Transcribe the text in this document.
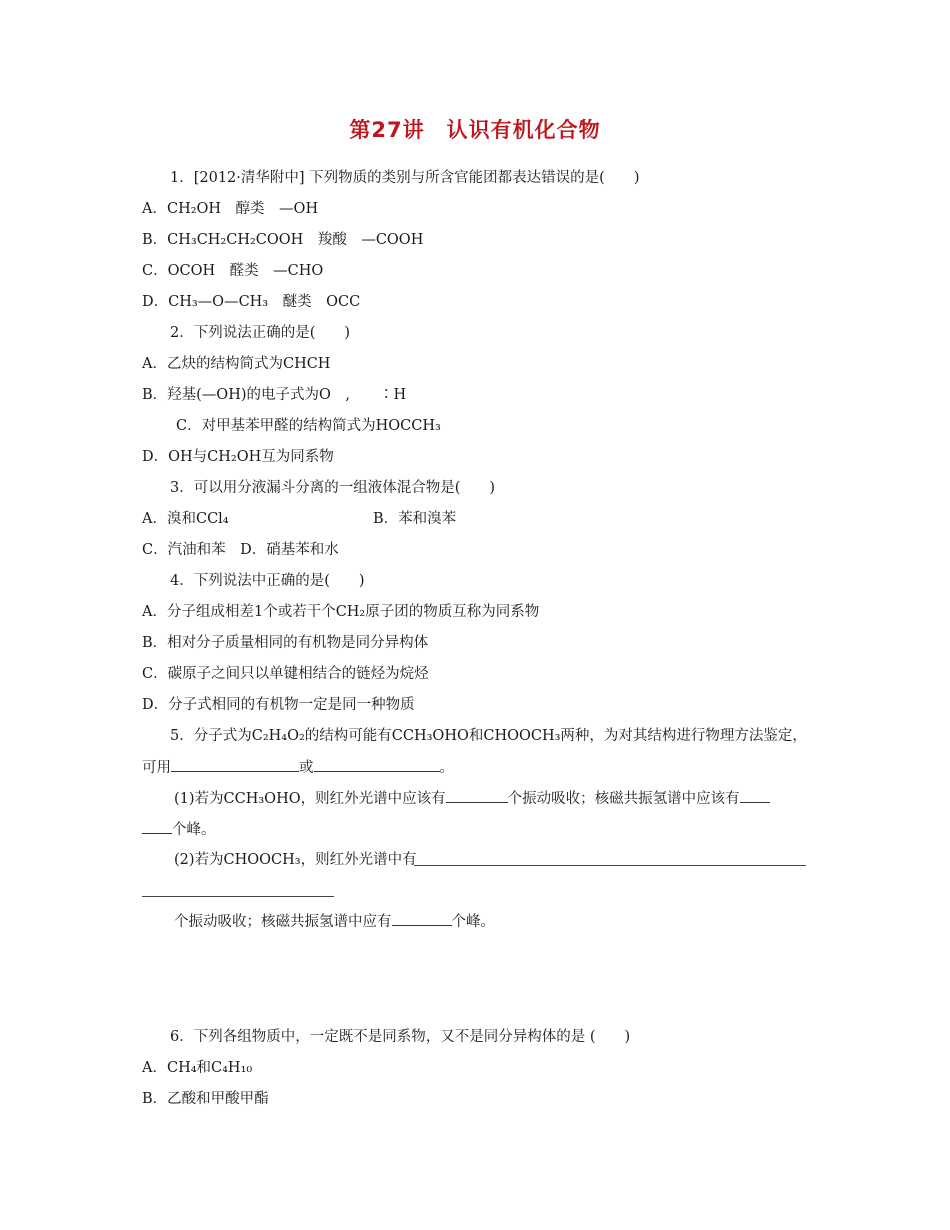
第27讲　认识有机化合物
1．[2012·清华附中] 下列物质的类别与所含官能团都表达错误的是(　　)
A．CH₂OH　醇类　—OH
B．CH₃CH₂CH₂COOH　羧酸　—COOH
C．OCOH　醛类　—CHO
D．CH₃—O—CH₃　醚类　OCC
2．下列说法正确的是(　　)
A．乙炔的结构简式为CHCH
B．羟基(—OH)的电子式为O　,　　∶H
C．对甲基苯甲醛的结构简式为HOCCH₃
D．OH与CH₂OH互为同系物
3．可以用分液漏斗分离的一组液体混合物是(　　)
A．溴和CCl₄	B．苯和溴苯
C．汽油和苯　D．硝基苯和水
4．下列说法中正确的是(　　)
A．分子组成相差1个或若干个CH₂原子团的物质互称为同系物
B．相对分子质量相同的有机物是同分异构体
C．碳原子之间只以单键相结合的链烃为烷烃
D．分子式相同的有机物一定是同一种物质
5．分子式为C₂H₄O₂的结构可能有CCH₃OHO和CHOOCH₃两种，为对其结构进行物理方法鉴定，
可用	或	。
(1)若为CCH₃OHO，则红外光谱中应该有	个振动吸收；核磁共振氢谱中应该有
个峰。
(2)若为CHOOCH₃，则红外光谱中有
个振动吸收；核磁共振氢谱中应有	个峰。
6．下列各组物质中，一定既不是同系物，又不是同分异构体的是 (　　)
A．CH₄和C₄H₁₀
B．乙酸和甲酸甲酯
